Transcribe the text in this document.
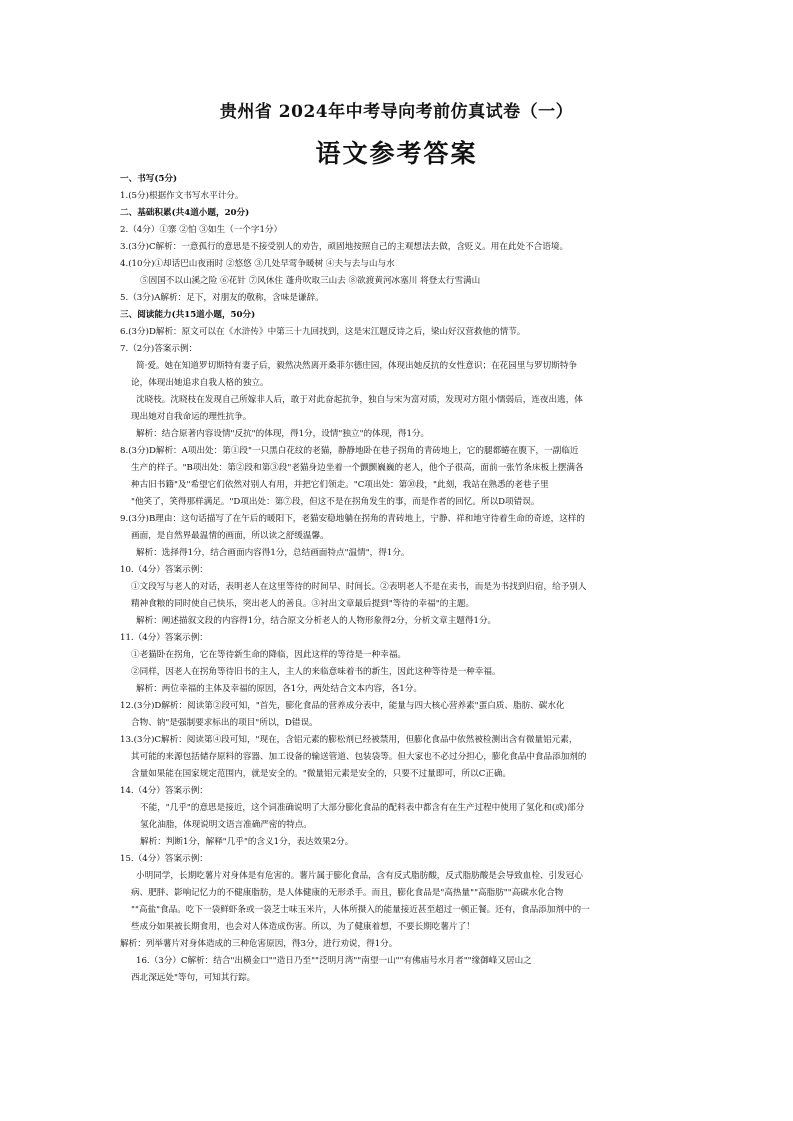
贵州省 2024年中考导向考前仿真试卷（一）
语文参考答案
一、书写(5分)
1.(5分)根据作文书写水平计分。
二、基础积累(共4道小题，20分)
2.（4分）①寨 ②怕 ③如生（一个字1分）
3.(3分)C解析：一意孤行的意思是不接受别人的劝告，顽固地按照自己的主观想法去做，含贬义。用在此处不合语境。
4.(10分)①却话巴山夜雨时 ②悠悠 ③几处早莺争暖树 ④夫与去与山与水
⑤固国不以山溪之险 ⑥花针 ⑦风休住 蓬舟吹取三山去 ⑧欲渡黄河冰塞川 将登太行雪满山
5.（3分)A解析：足下，对朋友的敬称，含味是谦辞。
三、阅读能力(共15道小题，50分)
6.(3分)D解析：原文可以在《水浒传》中第三十九回找到，这是宋江题反诗之后，梁山好汉营救他的情节。
7.（2分)答案示例：
简·爱。她在知道罗切斯特有妻子后，毅然决然离开桑菲尔德庄园，体现出她反抗的女性意识；在花园里与罗切斯特争
论，体现出她追求自我人格的独立。
沈晓枝。沈晓枝在发现自己所嫁非人后，敢于对此奋起抗争，独自与宋为富对质，发现对方阻小懦弱后，连夜出逃，体
现出她对自我命运的理性抗争。
解析：结合原著内容设情"反抗"的体现，得1分，设情"独立"的体现，得1分。
8.(3分)D解析：A项出处：第①段"一只黑白花纹的老猫，静静地卧在巷子拐角的青砖地上，它的腿都蜷在腹下，一副临近
生产的样子。"B项出处：第②段和第③段"老猫身边坐着一个颤颤巍巍的老人，他个子很高，面前一张竹条床板上摆满各
种古旧书籍"及"希望它们依然对别人有用，并把它们领走。"C项出处：第⑩段，"此刻，我站在熟悉的老巷子里
"他笑了，笑得那样满足。"D项出处：第⑦段，但这不是在拐角发生的事，而是作者的回忆。所以D项错误。
9.(3分)B理由：这句话描写了在午后的暖阳下，老猫安稳地躺在拐角的青砖地上，宁静、祥和地守待着生命的奇迹，这样的
画面，是自然界最温情的画面，所以读之舒缓温馨。
解析：选择得1分，结合画面内容得1分，总结画面特点"温情"，得1分。
10.（4分）答案示例：
①文段写与老人的对话，表明老人在这里等待的时间早、时间长。②表明老人不是在卖书，而是为书找到归宿，给予别人
精神食粮的同时使自己快乐，突出老人的善良。③衬出文章最后提到"等待的幸福"的主题。
解析：阐述描叙文段的内容得1分，结合原文分析老人的人物形象得2分，分析文章主题得1分。
11.（4分）答案示例：
①老猫卧在拐角，它在等待新生命的降临，因此这样的等待是一种幸福。
②同样，因老人在拐角等待旧书的主人，主人的来临意味着书的新生，因此这种等待是一种幸福。
解析：两位幸福的主体及幸福的原因，各1分，两处结合文本内容，各1分。
12.(3分)D解析：阅读第②段可知，"首先，膨化食品的营养成分表中，能量与四大核心营养素"蛋白质、脂肪、碳水化
合物、钠"是强制要求标出的项目"所以，D错误。
13.(3分)C解析：阅读第④段可知，"现在，含铝元素的膨松剂已经被禁用，但膨化食品中依然被检测出含有微量铝元素，
其可能的来源包括储存原料的容器、加工设备的输送管道、包装袋等。但大家也不必过分担心，膨化食品中食品添加剂的
含量如果能在国家规定范围内，就是安全的。"微量铝元素是安全的，只要不过量即可，所以C正确。
14.（4分）答案示例：
不能，"几乎"的意思是接近，这个词准确说明了大部分膨化食品的配料表中都含有在生产过程中使用了氢化和(或)部分
氢化油脂，体现说明文语言准确严密的特点。
解析：判断1分，解释"几乎"的含义1分，表达效果2分。
15.（4分）答案示例：
小明同学，长期吃薯片对身体是有危害的。薯片属于膨化食品，含有反式脂肪酸，反式脂肪酸是会导致血栓、引发冠心
病、肥胖、影响记忆力的不健康脂肪，是人体健康的无形杀手。而且，膨化食品是"高热量""高脂肪""高碳水化合物
""高盐"食品。吃下一袋鲜虾条或一袋芝士味玉米片，人体所摄入的能量接近甚至超过一顿正餐。还有，食品添加剂中的一
些成分如果被长期食用，也会对人体造成伤害。所以，为了健康着想，不要长期吃薯片了！
解析：列举薯片对身体造成的三种危害原因，得3分，进行劝说，得1分。
16.（3分）C解析：结合"出横金口""造日乃至""泛明月湾""南望一山""有佛庙号水月者""缘御峰又居山之
西北深远处"等句，可知其行踪。
